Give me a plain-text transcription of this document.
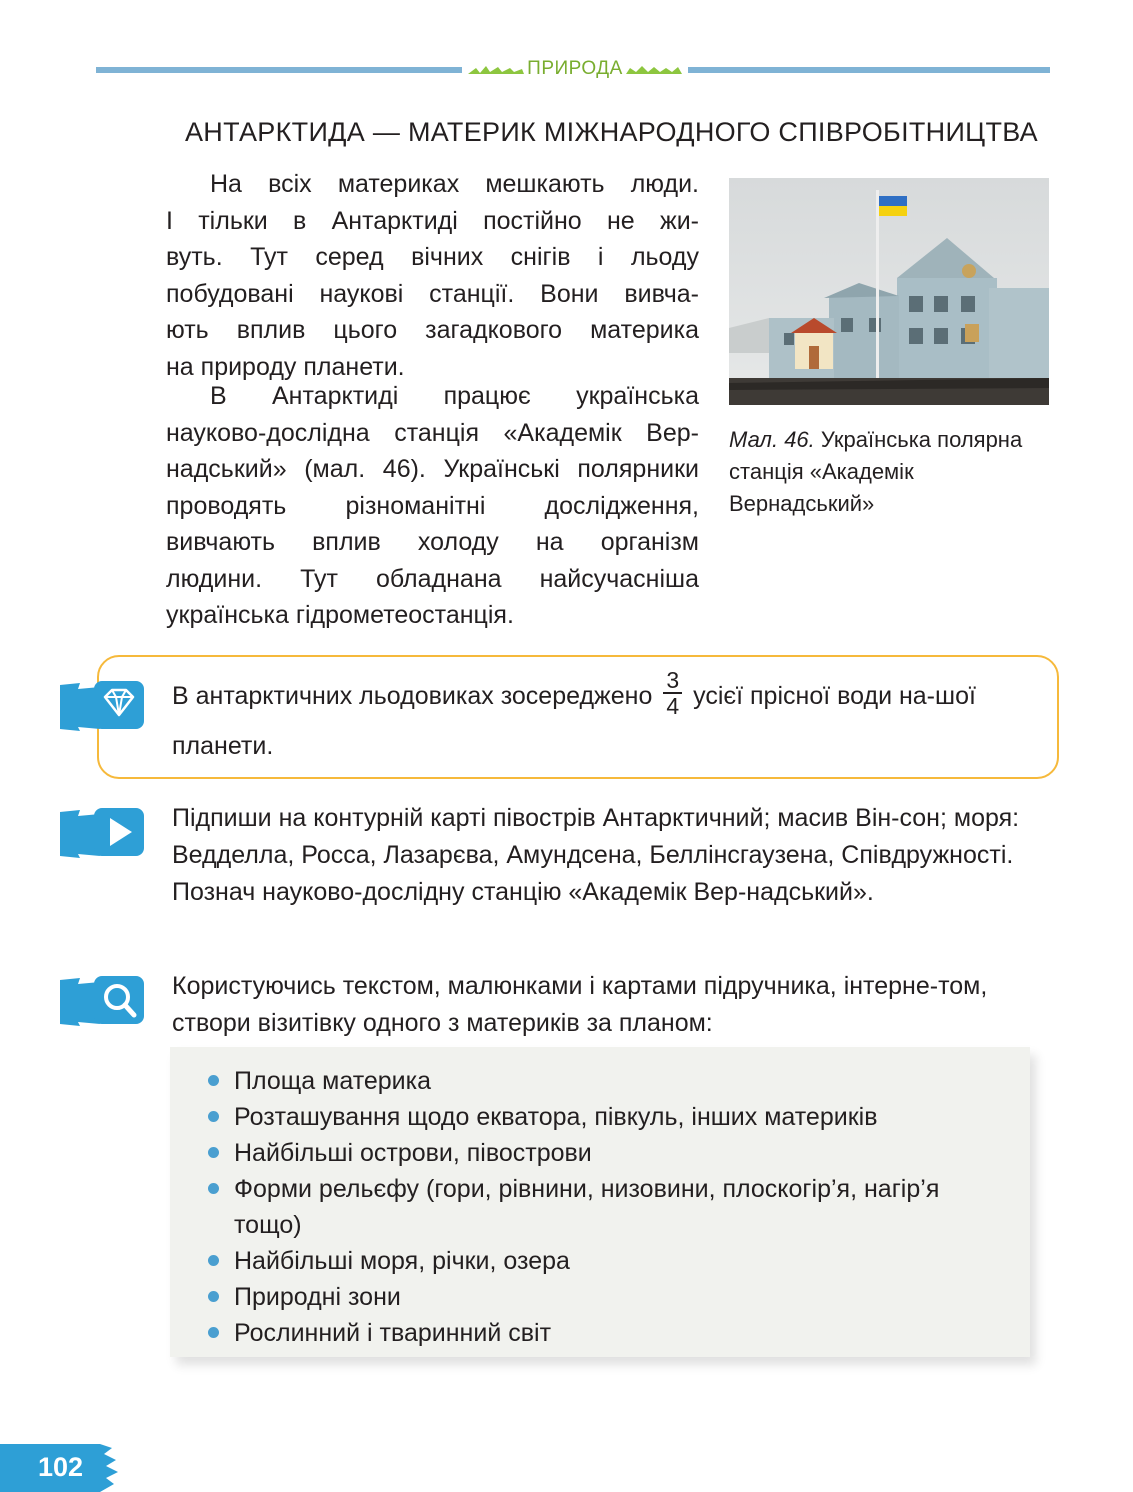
ПРИРОДА
АНТАРКТИДА — МАТЕРИК МІЖНАРОДНОГО СПІВРОБІТНИЦТВА
На всіх материках мешкають люди.
І тільки в Антарктиді постійно не жи-
вуть. Тут серед вічних снігів і льоду
побудовані наукові станції. Вони вивча-
ють вплив цього загадкового материка
на природу планети.
В Антарктиді працює українська
науково-дослідна станція «Академік Вер-
надський» (мал. 46). Українські полярники
проводять різноманітні дослідження,
вивчають вплив холоду на організм
людини. Тут обладнана найсучасніша
українська гідрометеостанція.
Мал. 46. Українська полярна станція «Академік Вернадський»
В антарктичних льодовиках зосереджено $\frac{3}{4}$ усієї прісної води на-шої планети.
Підпиши на контурній карті півострів Антарктичний; масив Він-сон; моря: Ведделла, Росса, Лазарєва, Амундсена, Беллінсгаузена, Співдружності. Познач науково-дослідну станцію «Академік Вер-надський».
Користуючись текстом, малюнками і картами підручника, інтерне-том, створи візитівку одного з материків за планом:
Площа материка
Розташування щодо екватора, півкуль, інших материків
Найбільші острови, півострови
Форми рельєфу (гори, рівнини, низовини, плоскогір’я, нагір’я тощо)
Найбільші моря, річки, озера
Природні зони
Рослинний і тваринний світ
102
